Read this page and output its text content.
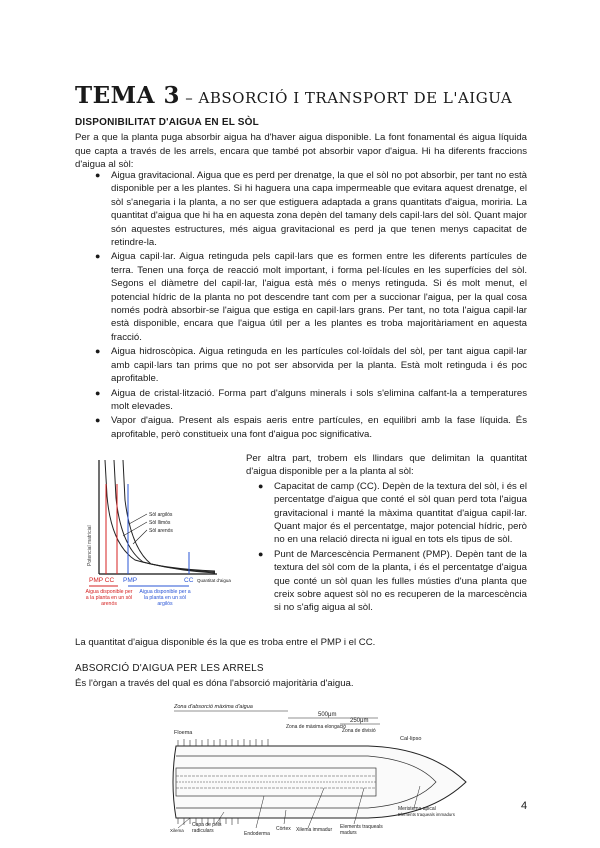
TEMA 3 – ABSORCIÓ I TRANSPORT DE L'AIGUA
DISPONIBILITAT D'AIGUA EN EL SÒL
Per a que la planta puga absorbir aigua ha d'haver aigua disponible. La font fonamental és aigua líquida que capta a través de les arrels, encara que també pot absorbir vapor d'aigua. Hi ha diferents fraccions d'aigua al sòl:
● Aigua gravitacional. Aigua que es perd per drenatge, la que el sòl no pot absorbir, per tant no està disponible per a les plantes. Si hi haguera una capa impermeable que evitara aquest drenatge, el sòl s'anegaria i la planta, a no ser que estiguera adaptada a grans quantitats d'aigua, moriria. La quantitat d'aigua que hi ha en aquesta zona depèn del tamany dels capil·lars del sòl. Quant major són aquestes estructures, més aigua gravitacional es perd ja que tenen menys capacitat de retindre-la.
● Aigua capil·lar. Aigua retinguda pels capil·lars que es formen entre les diferents partícules de terra. Tenen una força de reacció molt important, i forma pel·lícules en les superfícies del sòl. Segons el diàmetre del capil·lar, l'aigua està més o menys retinguda. Si és molt menut, el potencial hídric de la planta no pot descendre tant com per a succionar l'aigua, per la qual cosa només podrà absorbir-se l'aigua que estiga en capil·lars grans. Per tant, no tota l'aigua capil·lar està disponible, encara que l'aigua útil per a les plantes es troba majoritàriament en aquesta fracció.
● Aigua hidroscòpica. Aigua retinguda en les partícules col·loïdals del sòl, per tant aigua capil·lar amb capil·lars tan prims que no pot ser absorvida per la planta. Està molt retinguda i és poc aprofitable.
● Aigua de cristal·lització. Forma part d'alguns minerals i sols s'elimina calfant-la a temperatures molt elevades.
● Vapor d'aigua. Present als espais aeris entre partícules, en equilibri amb la fase líquida. És aprofitable, però constitueix una font d'aigua poc significativa.
Potencial matricial
Sòl argilós
Sòl llimós
Sòl arenós
PMP CC PMP	CC Quantitat d'aigua
Aigua disponible per a la planta en un sòl arenós
Aigua disponible per a la planta en un sòl argilós

Per altra part, trobem els llindars que delimitan la quantitat d'aigua disponible per a la planta al sòl:

● Capacitat de camp (CC). Depèn de la textura del sòl, i és el percentatge d'aigua que conté el sòl quan perd tota l'aigua gravitacional i manté la màxima quantitat d'aigua capil·lar. Quant major és el percentatge, major potencial hídric, però no en una relació directa ni igual en tots els tipus de sòl.
● Punt de Marcescència Permanent (PMP). Depèn tant de la textura del sòl com de la planta, i és el percentatge d'aigua que conté un sòl quan les fulles músties d'una planta que creix sobre aquest sòl no es recuperen de la marcescència si no s'afig aigua al sòl.
La quantitat d'aigua disponible és la que es troba entre el PMP i el CC.
ABSORCIÓ D'AIGUA PER LES ARRELS
És l'òrgan a través del qual es dóna l'absorció majoritària d'aigua.
Zona d'absorció màxima d'aigua
500μm
250μm
Zona de màxima elongació
Zona de divisió
Floema
Cal·lipso
Xilema
Capa de pèls radiculars	Endoderma
Còrtex Xilema immadur	Elements traqueals madurs
Meristema apical
Elements traqueals immadurs
4
